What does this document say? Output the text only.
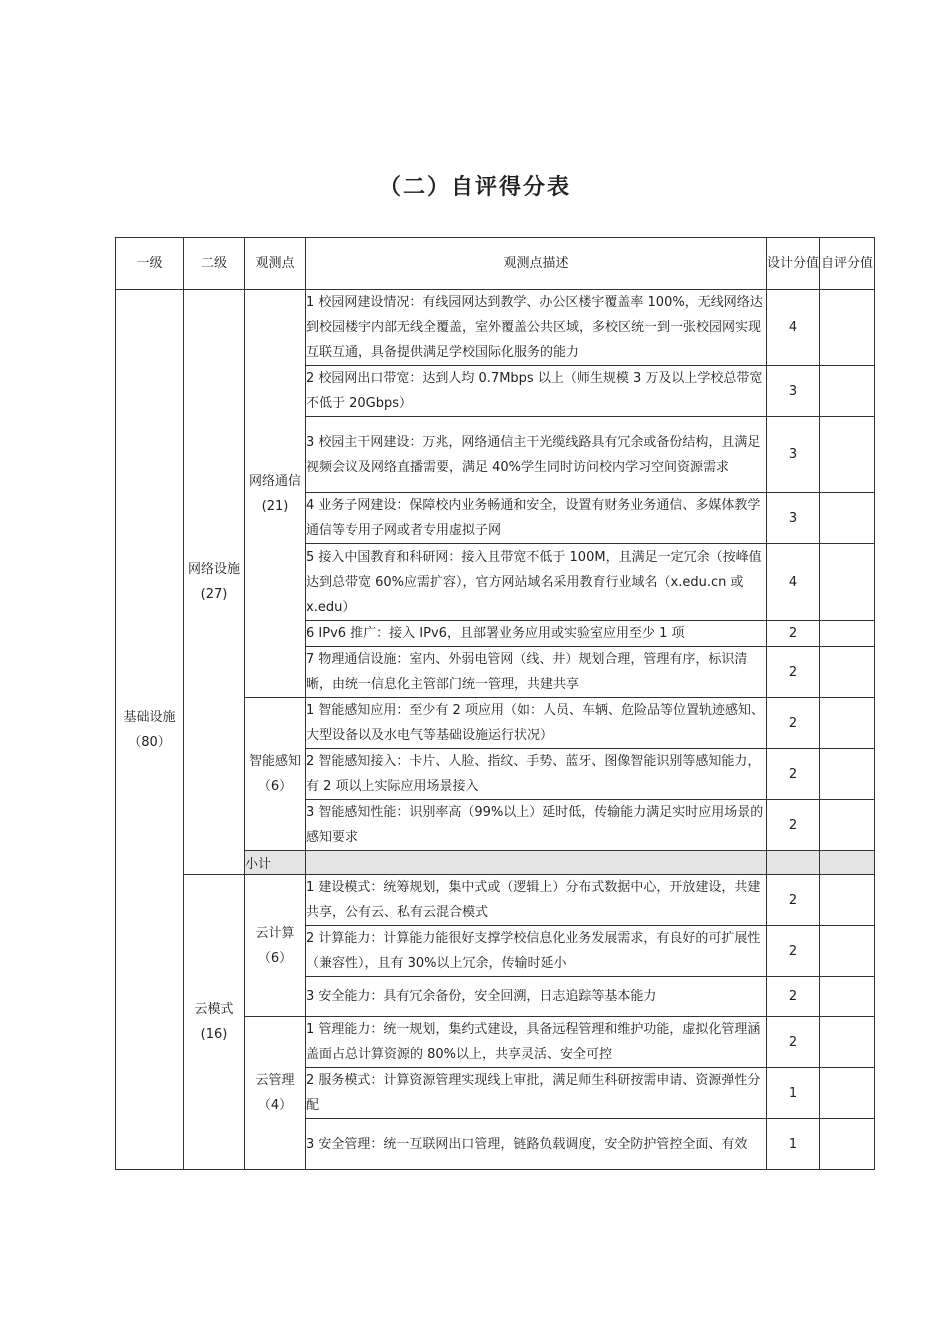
（二）自评得分表
一级	二级	观测点	观测点描述	设计分值	自评分值
基础设施（80）	网络设施(27)	网络通信(21)	1 校园网建设情况：有线园网达到教学、办公区楼宇覆盖率 100%，无线网络达到校园楼宇内部无线全覆盖，室外覆盖公共区域，多校区统一到一张校园网实现互联互通，具备提供满足学校国际化服务的能力	4	
			2 校园网出口带宽：达到人均 0.7Mbps 以上（师生规模 3 万及以上学校总带宽不低于 20Gbps）	3	
			3 校园主干网建设：万兆，网络通信主干光缆线路具有冗余或备份结构，且满足视频会议及网络直播需要，满足 40%学生同时访问校内学习空间资源需求	3	
			4 业务子网建设：保障校内业务畅通和安全，设置有财务业务通信、多媒体教学通信等专用子网或者专用虚拟子网	3	
			5 接入中国教育和科研网：接入且带宽不低于 100M，且满足一定冗余（按峰值达到总带宽 60%应需扩容），官方网站域名采用教育行业域名（x.edu.cn 或 x.edu）	4	
			6 IPv6 推广：接入 IPv6，且部署业务应用或实验室应用至少 1 项	2	
			7 物理通信设施：室内、外弱电管网（线、井）规划合理，管理有序，标识清晰，由统一信息化主管部门统一管理，共建共享	2	
		智能感知（6）	1 智能感知应用：至少有 2 项应用（如：人员、车辆、危险品等位置轨迹感知、大型设备以及水电气等基础设施运行状况）	2	
			2 智能感知接入：卡片、人脸、指纹、手势、蓝牙、图像智能识别等感知能力，有 2 项以上实际应用场景接入	2	
			3 智能感知性能：识别率高（99%以上）延时低，传输能力满足实时应用场景的感知要求	2	
		小计			
	云模式(16)	云计算（6）	1 建设模式：统筹规划，集中式或（逻辑上）分布式数据中心，开放建设，共建共享，公有云、私有云混合模式	2	
			2 计算能力：计算能力能很好支撑学校信息化业务发展需求，有良好的可扩展性（兼容性），且有 30%以上冗余，传输时延小	2	
			3 安全能力：具有冗余备份，安全回溯，日志追踪等基本能力	2	
		云管理（4）	1 管理能力：统一规划，集约式建设，具备远程管理和维护功能，虚拟化管理涵盖面占总计算资源的 80%以上，共享灵活、安全可控	2	
			2 服务模式：计算资源管理实现线上审批，满足师生科研按需申请、资源弹性分配	1	
			3 安全管理：统一互联网出口管理，链路负载调度，安全防护管控全面、有效	1	
